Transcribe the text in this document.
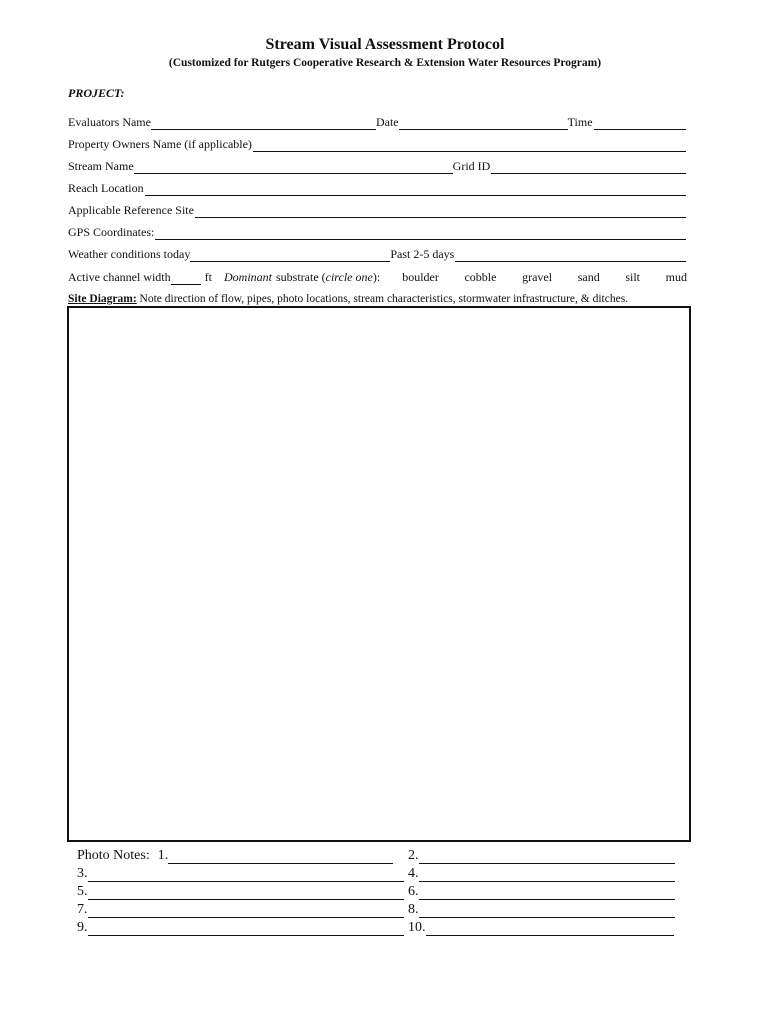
Stream Visual Assessment Protocol
(Customized for Rutgers Cooperative Research & Extension Water Resources Program)
PROJECT:
Evaluators Name	Date	Time
Property Owners Name (if applicable)
Stream Name	Grid ID
Reach Location
Applicable Reference Site
GPS Coordinates:
Weather conditions today	Past 2-5 days
Active channel width	ft Dominant substrate ( circle one ): boulder cobble gravel sand silt mud
Site Diagram: Note direction of flow, pipes, photo locations, stream characteristics, stormwater infrastructure, & ditches.
Photo Notes: 1.	2.
3.	4.
5.	6.
7.	8.
9.	10.
